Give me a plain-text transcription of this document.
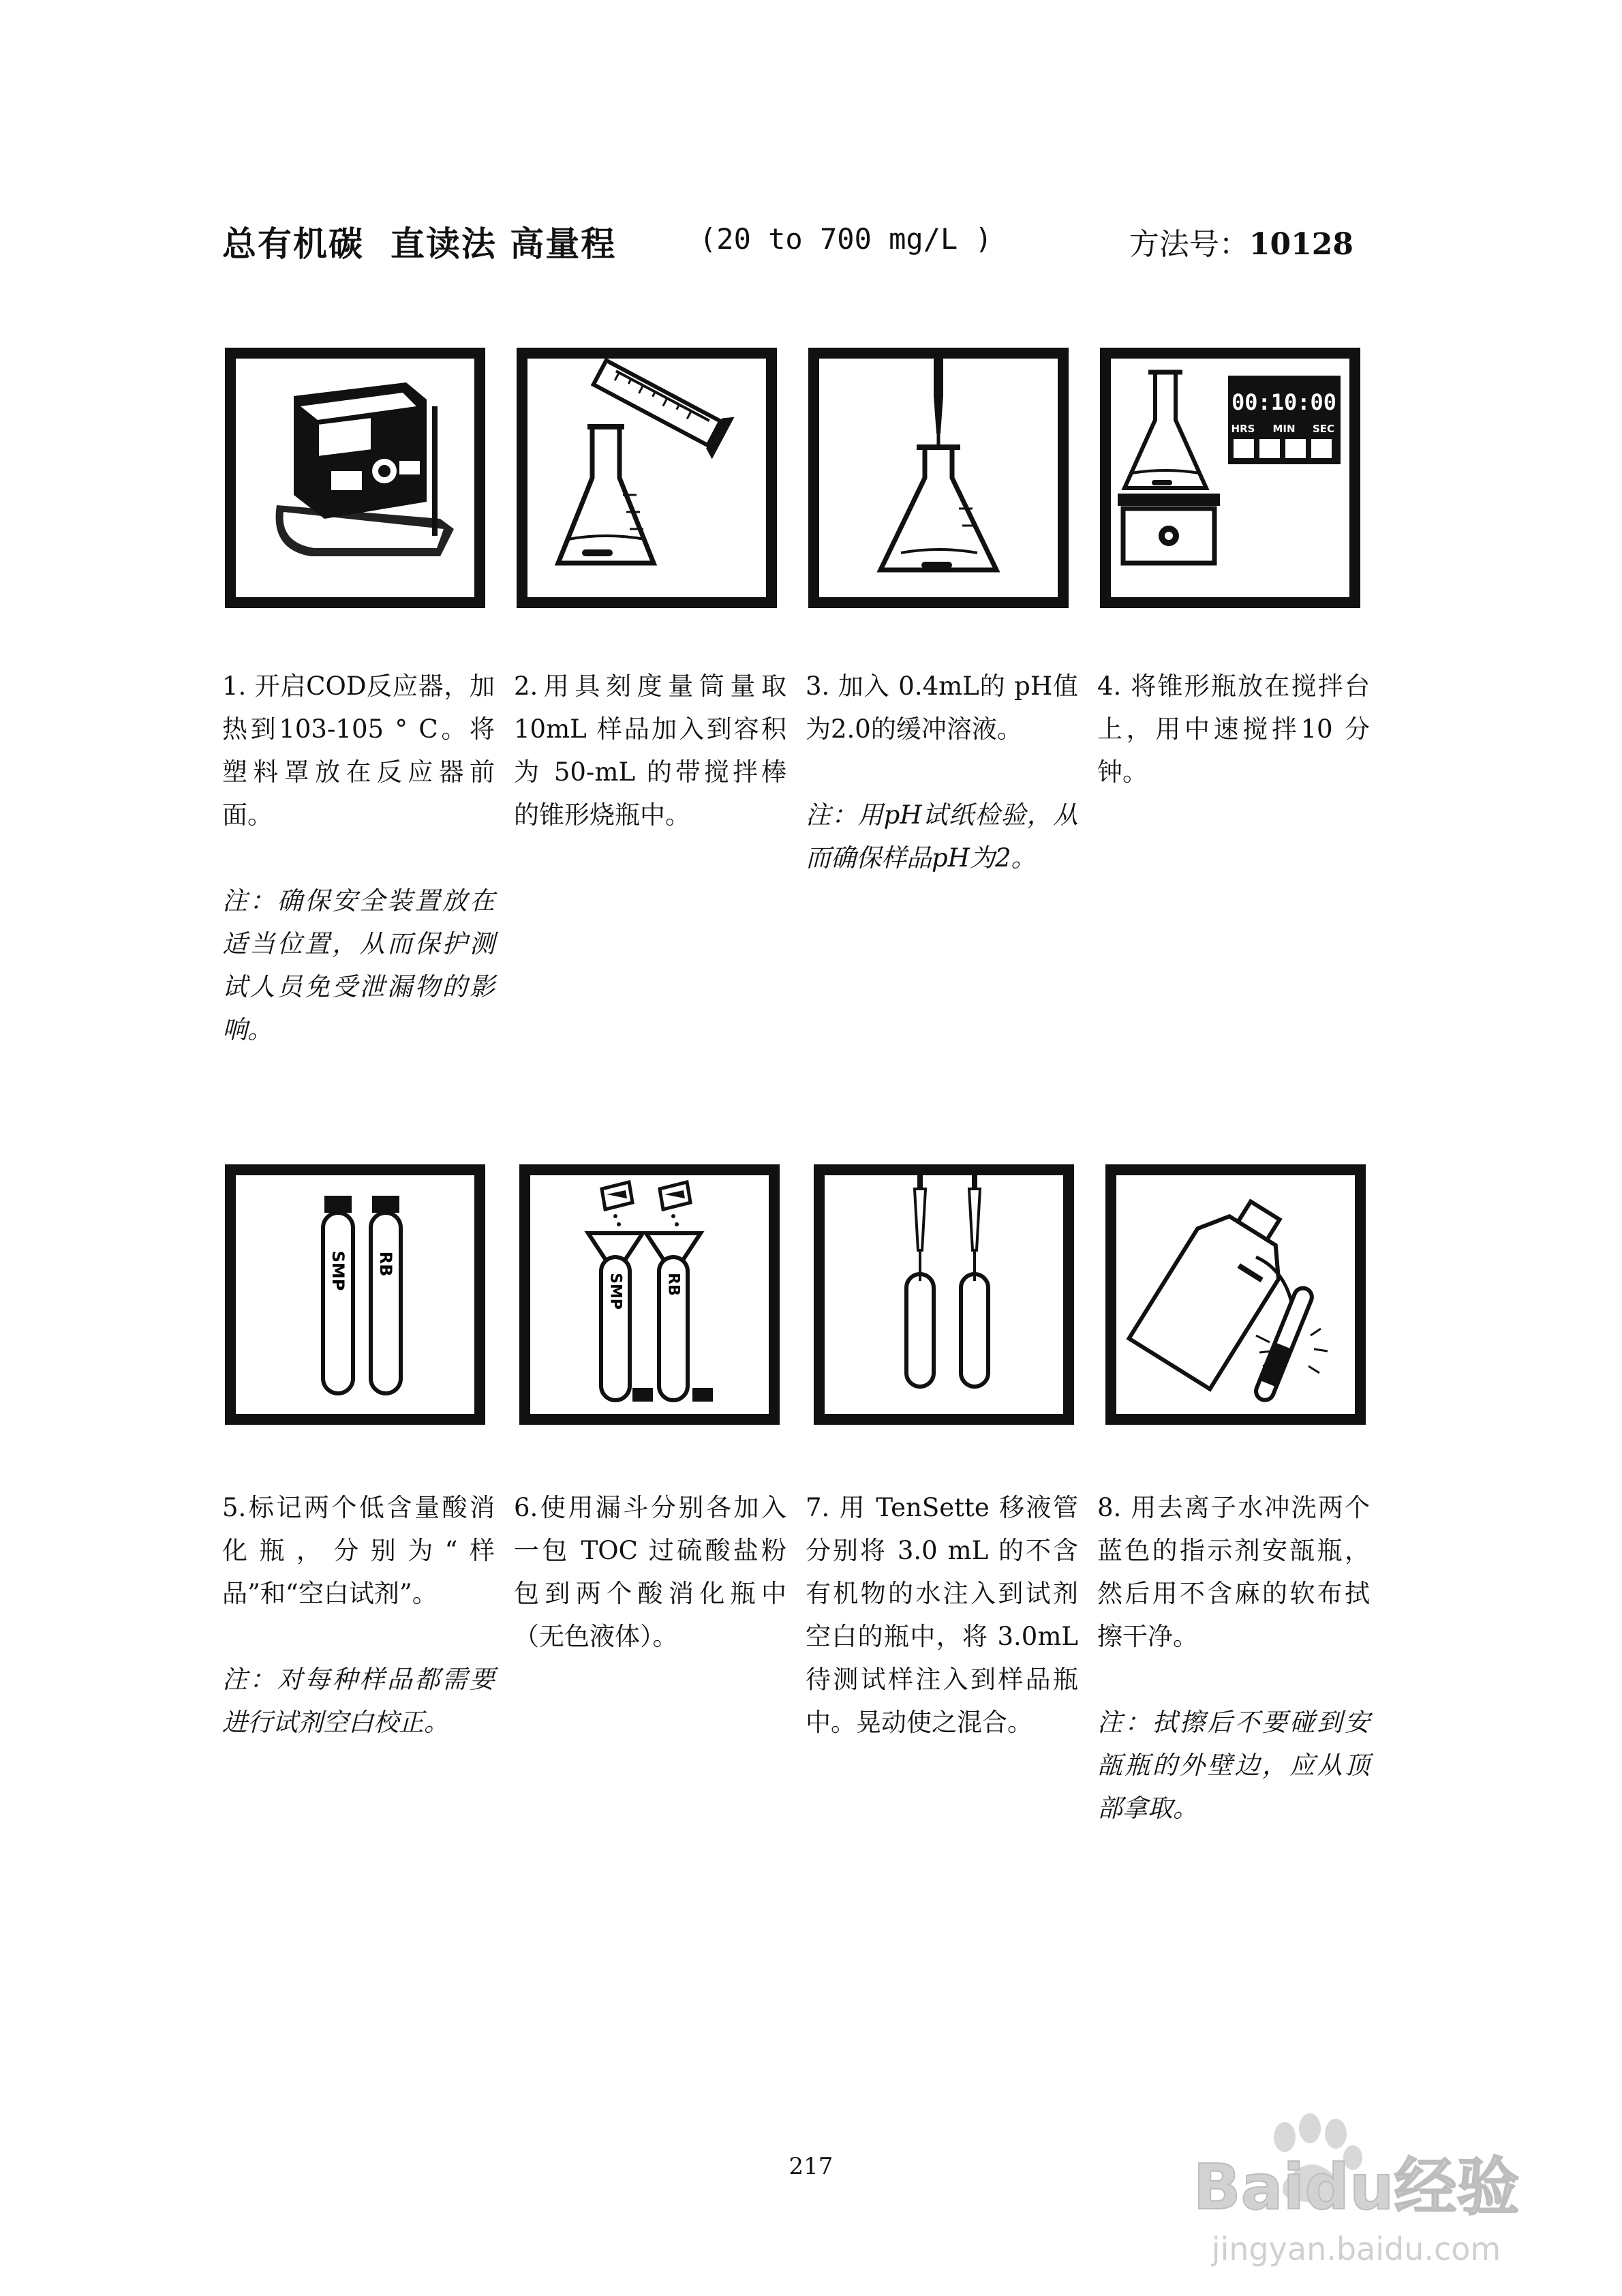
总有机碳  直读法 高量程	(20 to 700 mg/L )	方法号：10128
00:10:00
HRS MIN SEC
SMP RB
SMP	RB

1. 开启COD反应器，加热到103-105 ° C。将塑料罩放在反应器前面。

注：确保安全装置放在适当位置，从而保护测试人员免受泄漏物的影响。

2.用具刻度量筒量取10mL 样品加入到容积为 50-mL 的带搅拌棒的锥形烧瓶中。

3. 加入 0.4mL的 pH值为2.0的缓冲溶液。

注：用pH试纸检验，从而确保样品pH为2。

4. 将锥形瓶放在搅拌台上，用中速搅拌10 分钟。

5.标记两个低含量酸消化瓶，分别为“样品”和“空白试剂”。

注：对每种样品都需要进行试剂空白校正。

6.使用漏斗分别各加入一包 TOC 过硫酸盐粉包到两个酸消化瓶中（无色液体）。

7. 用 TenSette 移液管分别将 3.0 mL 的不含有机物的水注入到试剂空白的瓶中，将 3.0mL 待测试样注入到样品瓶中。晃动使之混合。

8. 用去离子水冲洗两个蓝色的指示剂安瓿瓶，然后用不含麻的软布拭擦干净。

注：拭擦后不要碰到安瓿瓶的外壁边，应从顶部拿取。

217	Baidu经验
jingyan.baidu.com
